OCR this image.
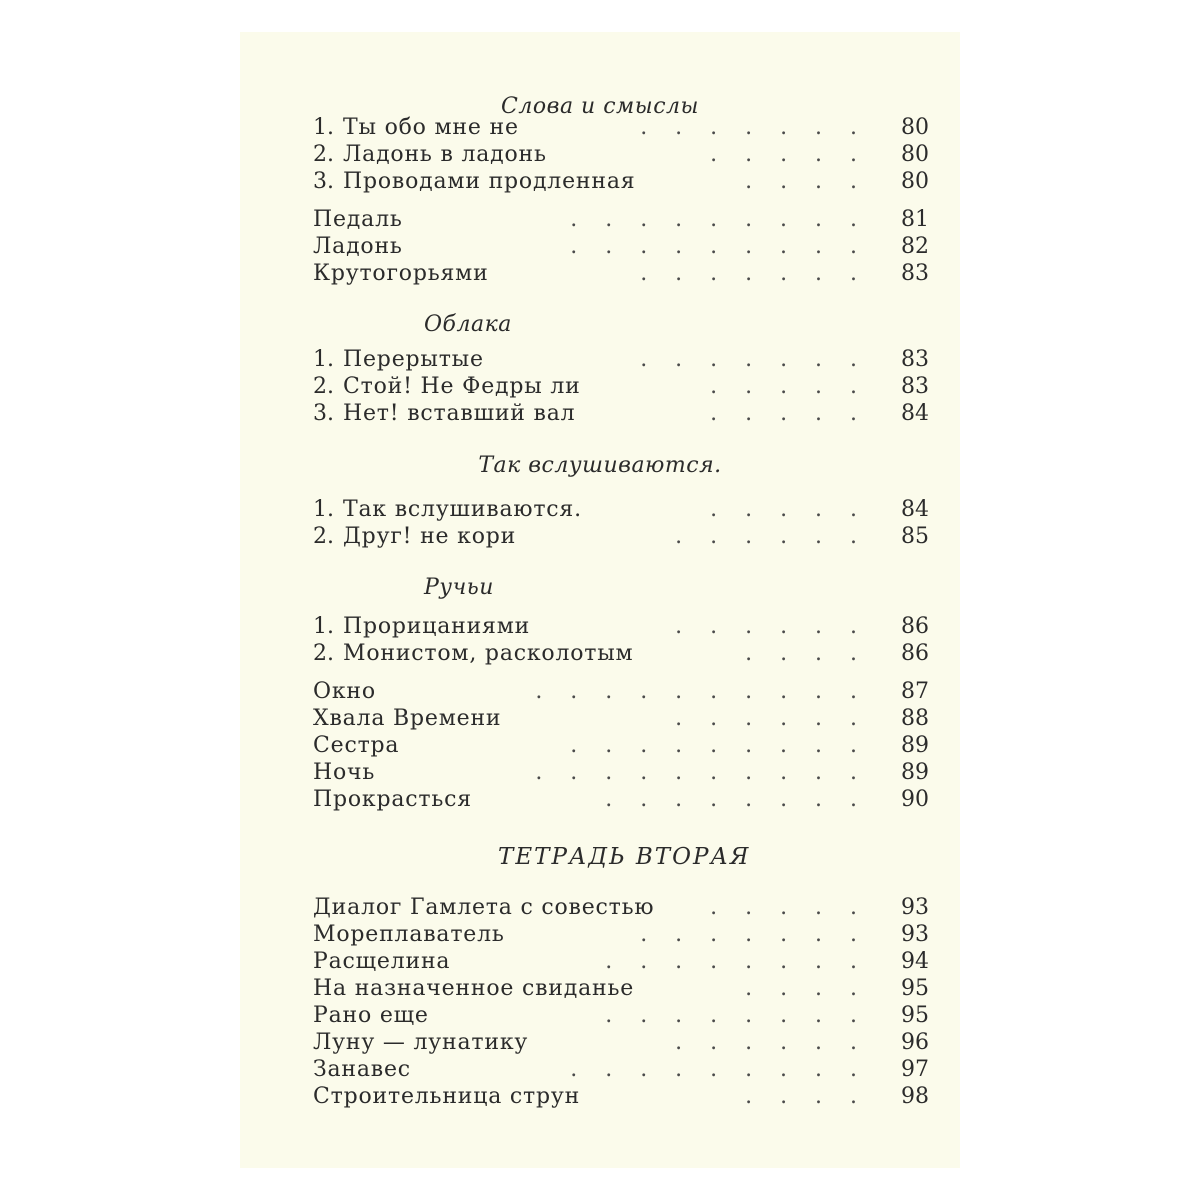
Слова и смыслы
1. Ты обо мне не	.    .    .    .    .    .    . 80
2. Ладонь в ладонь	.    .    .    .    . 80
3. Проводами продленная	.    .    .    . 80
Педаль	.    .    .    .    .    .    .    .    . 81
Ладонь	.    .    .    .    .    .    .    .    . 82
Крутогорьями	.    .    .    .    .    .    . 83
Облака
1. Перерытые	.    .    .    .    .    .    . 83
2. Стой! Не Федры ли	.    .    .    .    . 83
3. Нет! вставший вал	.    .    .    .    . 84
Так вслушиваются.
1. Так вслушиваются.	.    .    .    .    . 84
2. Друг! не кори	.    .    .    .    .    . 85
Ручьи
1. Прорицаниями	.    .    .    .    .    . 86
2. Монистом, расколотым	.    .    .    . 86
Окно	.    .    .    .    .    .    .    .    .    . 87
Хвала Времени	.    .    .    .    .    . 88
Сестра	.    .    .    .    .    .    .    .    . 89
Ночь	.    .    .    .    .    .    .    .    .    . 89
Прокрасться	.    .    .    .    .    .    .    . 90
ТЕТРАДЬ ВТОРАЯ
Диалог Гамлета с совестью	.    .    .    .    . 93
Мореплаватель	.    .    .    .    .    .    . 93
Расщелина	.    .    .    .    .    .    .    . 94
На назначенное свиданье	.    .    .    . 95
Рано еще	.    .    .    .    .    .    .    . 95
Луну — лунатику	.    .    .    .    .    . 96
Занавес	.    .    .    .    .    .    .    .    . 97
Строительница струн	.    .    .    . 98
